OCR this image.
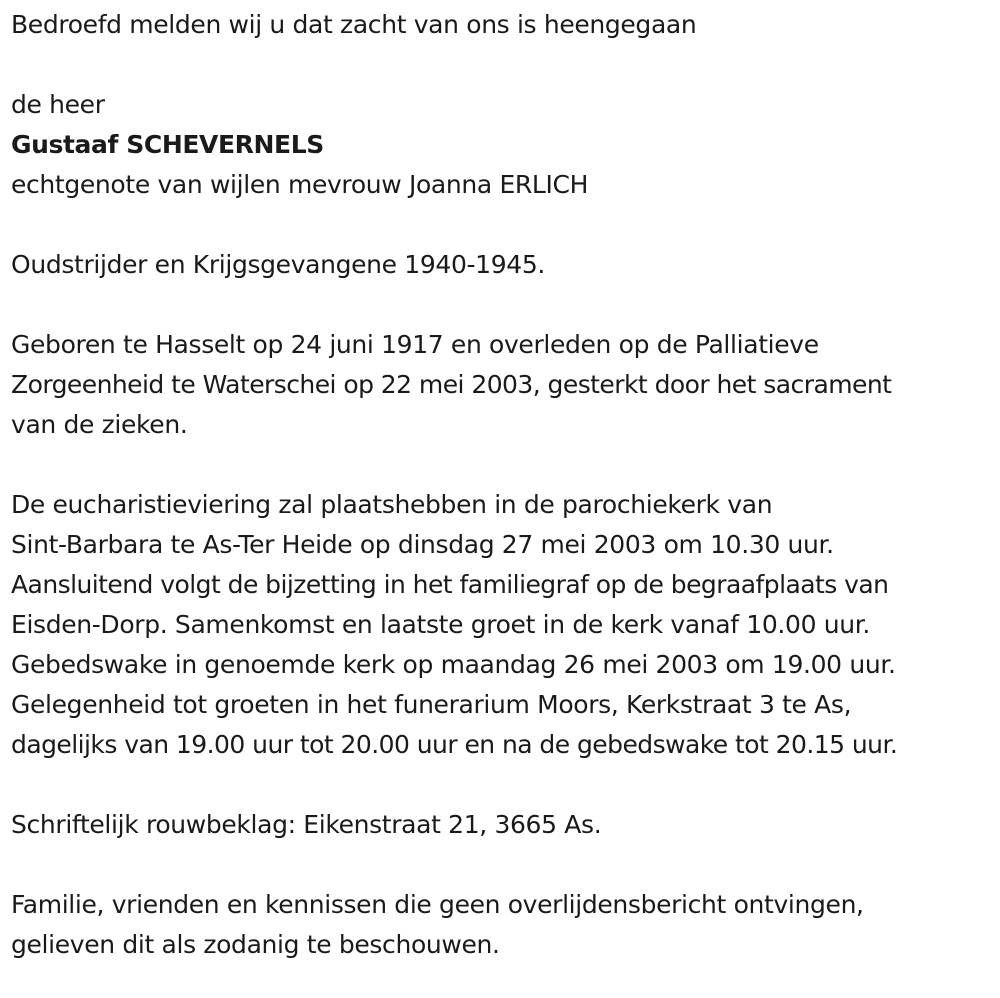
Bedroefd melden wij u dat zacht van ons is heengegaan
de heer
Gustaaf SCHEVERNELS
echtgenote van wijlen mevrouw Joanna ERLICH
Oudstrijder en Krijgsgevangene 1940-1945.
Geboren te Hasselt op 24 juni 1917 en overleden op de Palliatieve
Zorgeenheid te Waterschei op 22 mei 2003, gesterkt door het sacrament
van de zieken.
De eucharistieviering zal plaatshebben in de parochiekerk van
Sint-Barbara te As-Ter Heide op dinsdag 27 mei 2003 om 10.30 uur.
Aansluitend volgt de bijzetting in het familiegraf op de begraafplaats van
Eisden-Dorp. Samenkomst en laatste groet in de kerk vanaf 10.00 uur.
Gebedswake in genoemde kerk op maandag 26 mei 2003 om 19.00 uur.
Gelegenheid tot groeten in het funerarium Moors, Kerkstraat 3 te As,
dagelijks van 19.00 uur tot 20.00 uur en na de gebedswake tot 20.15 uur.
Schriftelijk rouwbeklag: Eikenstraat 21, 3665 As.
Familie, vrienden en kennissen die geen overlijdensbericht ontvingen,
gelieven dit als zodanig te beschouwen.
